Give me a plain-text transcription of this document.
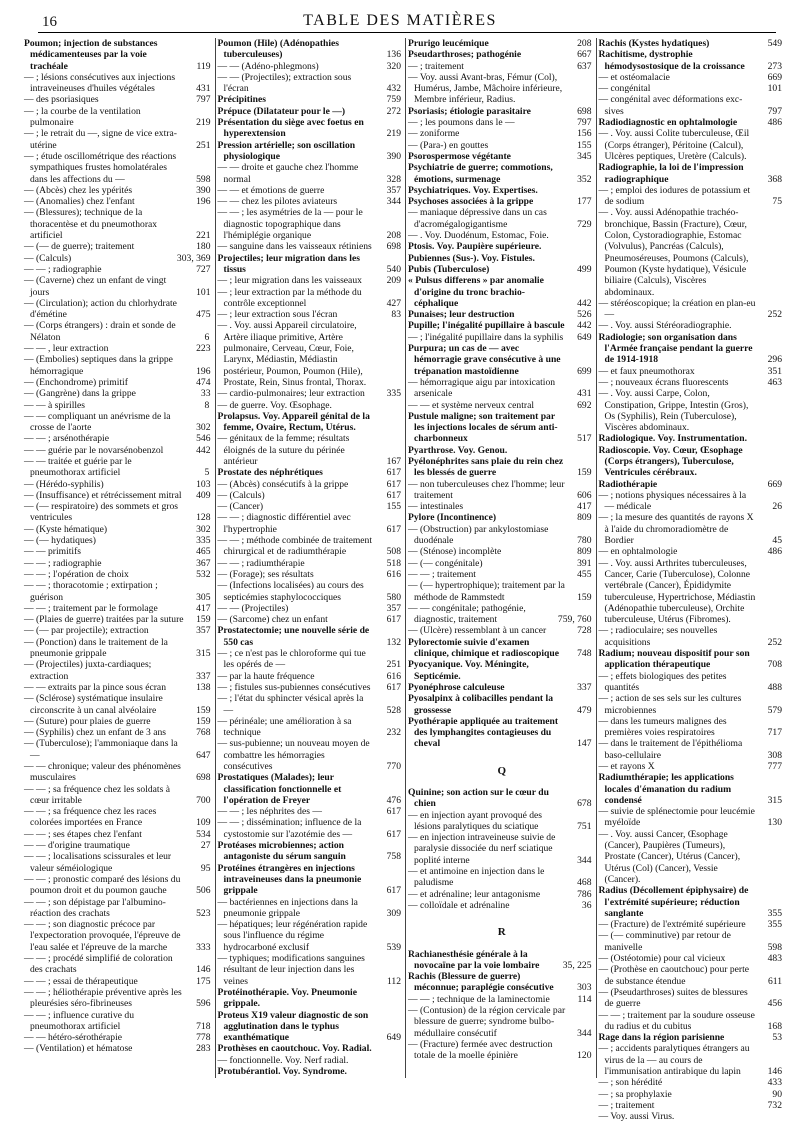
16	TABLE DES MATIÈRES
Poumon; injection de substances médicamenteuses par la voie trachéale	119
— ; lésions consécutives aux injections intraveineuses d'huiles végétales	431
— des psoriasiques	797
— ; la courbe de la ventilation pulmonaire	219
— ; le retrait du —, signe de vice extra-utérine	251
— ; étude oscillométrique des réactions sympathiques frustes homolatérales dans les affections du —	598
— (Abcès) chez les ypérités	390
— (Anomalies) chez l'enfant	196
— (Blessures); technique de la thoracentèse et du pneumothorax artificiel	221
— (— de guerre); traitement	180
— (Calculs)	303, 369
— — ; radiographie	727
— (Caverne) chez un enfant de vingt jours	101
— (Circulation); action du chlorhydrate d'émétine	475
— (Corps étrangers) : drain et sonde de Nélaton	6
— — , leur extraction	223
— (Embolies) septiques dans la grippe hémorragique	196
— (Enchondrome) primitif	474
— (Gangrène) dans la grippe	33
— — à spirilles	8
— — compliquant un anévrisme de la crosse de l'aorte	302
— — ; arsénothérapie	546
— — guérie par le novarsénobenzol	442
— — traitée et guérie par le pneumothorax artificiel	5
— (Hérédo-syphilis)	103
— (Insuffisance) et rétrécissement mitral 409
— (— respiratoire) des sommets et gros ventricules	128
— (Kyste hématique)	302
— (— hydatiques)	335
— — primitifs	465
— — ; radiographie	367
— — ; l'opération de choix	532
— — ; thoracotomie ; extirpation ; guérison	305
— — ; traitement par le formolage	417
— (Plaies de guerre) traitées par la suture 159
— (— par projectile); extraction	357
— (Ponction) dans le traitement de la pneumonie grippale	315
— (Projectiles) juxta-cardiaques; extraction	337
— — extraits par la pince sous écran	138
— (Sclérose) systématique insulaire circonscrite à un canal alvéolaire	159
— (Suture) pour plaies de guerre	159
— (Syphilis) chez un enfant de 3 ans	768
— (Tuberculose); l'ammoniaque dans la —	647
— — chronique; valeur des phénomènes musculaires	698
— — ; sa fréquence chez les soldats à cœur irritable	700
— — ; sa fréquence chez les races colorées importées en France	109
— — ; ses étapes chez l'enfant	534
— — d'origine traumatique	27
— — ; localisations scissurales et leur valeur séméiologique	95
— — ; pronostic comparé des lésions du poumon droit et du poumon gauche	506
— — ; son dépistage par l'albumino-réaction des crachats	523
— — ; son diagnostic précoce par l'expectoration provoquée, l'épreuve de l'eau salée et l'épreuve de la marche	333
— — ; procédé simplifié de coloration des crachats	146
— — ; essai de thérapeutique	175
— — ; héliothérapie préventive après les pleurésies séro-fibrineuses	596
— — ; influence curative du pneumothorax artificiel	718
— — hétéro-sérothérapie	778
— (Ventilation) et hématose	283
Poumon (Hile) (Adénopathies tuberculeuses)	136
— — (Adéno-phlegmons)	320
— — (Projectiles); extraction sous l'écran	432
Précipitines	759
Prépuce (Dilatateur pour le —)	272
Présentation du siège avec foetus en hyperextension	219
Pression artérielle; son oscillation physiologique	390
— — droite et gauche chez l'homme normal	328
— — et émotions de guerre	357
— — chez les pilotes aviateurs	344
— — ; les asymétries de la — pour le diagnostic topographique dans l'hémiplégie organique	208
— sanguine dans les vaisseaux rétiniens 698
Projectiles; leur migration dans les tissus	540
— ; leur migration dans les vaisseaux	209
— ; leur extraction par la méthode du contrôle exceptionnel	427
— ; leur extraction sous l'écran	83
— . Voy. aussi Appareil circulatoire, Artère iliaque primitive, Artère pulmonaire, Cerveau, Cœur, Foie, Larynx, Médiastin, Médiastin postérieur, Poumon, Poumon (Hile), Prostate, Rein, Sinus frontal, Thorax.
— cardio-pulmonaires; leur extraction 335
— de guerre. Voy. Œsophage.
Prolapsus. Voy. Appareil génital de la femme, Ovaire, Rectum, Utérus.
— génitaux de la femme; résultats éloignés de la suture du périnée antérieur	167
Prostate des néphrétiques	617
— (Abcès) consécutifs à la grippe	617
— (Calculs)	617
— (Cancer)	155
— — ; diagnostic différentiel avec l'hypertrophie	617
— — ; méthode combinée de traitement chirurgical et de radiumthérapie	508
— — ; radiumthérapie	518
— (Forage); ses résultats	616
— (Infections localisées) au cours des septicémies staphylococciques	580
— — (Projectiles)	357
— (Sarcome) chez un enfant	617
Prostatectomie; une nouvelle série de 550 cas	132
— ; ce n'est pas le chloroforme qui tue les opérés de —	251
— par la haute fréquence	616
— ; fistules sus-pubiennes consécutives 617
— ; l'état du sphincter vésical après la —	528
— périnéale; une amélioration à sa technique	232
— sus-pubienne; un nouveau moyen de combattre les hémorragies consécutives	770
Prostatiques (Malades); leur classification fonctionnelle et l'opération de Freyer	476
— — ; les néphrites des —	617
— — ; dissémination; influence de la cystostomie sur l'azotémie des —	617
Protéases microbiennes; action antagoniste du sérum sanguin	758
Protéines étrangères en injections intraveineuses dans la pneumonie grippale	617
— bactériennes en injections dans la pneumonie grippale	309
— hépatiques; leur régénération rapide sous l'influence du régime hydrocarboné exclusif	539
— typhiques; modifications sanguines résultant de leur injection dans les veines	112
Protéinothérapie. Voy. Pneumonie grippale.
Proteus X19 valeur diagnostic de son agglutination dans le typhus exanthématique	649
Prothèses en caoutchouc. Voy. Radial.
— fonctionnelle. Voy. Nerf radial.
Protubérantiol. Voy. Syndrome.
Prurigo leucémique	208
Pseudarthroses; pathogénie	667
— ; traitement	637
— Voy. aussi Avant-bras, Fémur (Col), Humérus, Jambe, Mâchoire inférieure, Membre inférieur, Radius.
Psoriasis; étiologie parasitaire	698
— ; les poumons dans le —	797
— zoniforme	156
— (Para-) en gouttes	155
Psorospermose végétante	345
Psychiatrie de guerre; commotions, émotions, surmenage	352
Psychiatriques. Voy. Expertises.
Psychoses associées à la grippe	177
— maniaque dépressive dans un cas d'acromégalogigantisme	729
— . Voy. Duodénum, Estomac, Foie.
Ptosis. Voy. Paupière supérieure.
Pubiennes (Sus-). Voy. Fistules.
Pubis (Tuberculose)	499
« Pulsus differens » par anomalie d'origine du tronc brachio-céphalique	442
Punaises; leur destruction	526
Pupille; l'inégalité pupillaire à bascule 442
— ; l'inégalité pupillaire dans la syphilis 649
Purpura; un cas de — avec hémorragie grave consécutive à une trépanation mastoïdienne	699
— hémorragique aigu par intoxication arsenicale	431
— — et système nerveux central	692
Pustule maligne; son traitement par les injections locales de sérum anti-charbonneux	517
Pyarthrose. Voy. Genou.
Pyélonéphrites sans plaie du rein chez les blessés de guerre	159
— non tuberculeuses chez l'homme; leur traitement	606
— intestinales	417
Pylore (Incontinence)	809
— (Obstruction) par ankylostomiase duodénale	780
— (Sténose) incomplète	809
— (— congénitale)	391
— — ; traitement	455
— (— hypertrophique); traitement par la méthode de Rammstedt	159
— — congénitale; pathogénie, diagnostic, traitement	759, 760
— (Ulcère) ressemblant à un cancer	728
Pylorectomie suivie d'examen clinique, chimique et radioscopique 748
Pyocyanique. Voy. Méningite, Septicémie.
Pyonéphrose calculeuse	337
Pyosalpinx à colibacilles pendant la grossesse	479
Pyothérapie appliquée au traitement des lymphangites contagieuses du cheval	147
Q
Quinine; son action sur le cœur du chien	678
— en injection ayant provoqué des lésions paralytiques du sciatique	751
— en injection intraveineuse suivie de paralysie dissociée du nerf sciatique poplité interne	344
— et antimoine en injection dans le paludisme	468
— et adrénaline; leur antagonisme	786
— colloïdale et adrénaline	36
R
Rachianesthésie générale à la novocaïne par la voie lombaire 35, 225
Rachis (Blessure de guerre) méconnue; paraplégie consécutive 303
— — ; technique de la laminectomie	114
— (Contusion) de la région cervicale par blessure de guerre; syndrome bulbo-médullaire consécutif	344
— (Fracture) fermée avec destruction totale de la moelle épinière	120
Rachis (Kystes hydatiques)	549
Rachitisme, dystrophie hémodysostosique de la croissance 273
— et ostéomalacie	669
— congénital	101
— congénital avec déformations exc-sives	797
Radiodiagnostic en ophtalmologie	486
— . Voy. aussi Colite tuberculeuse, Œil (Corps étranger), Péritoine (Calcul), Ulcères peptiques, Uretère (Calculs).
Radiographie, la loi de l'impression radiographique	368
— ; emploi des iodures de potassium et de sodium	75
— . Voy. aussi Adénopathie trachéo-bronchique, Bassin (Fracture), Cœur, Colon, Cystoradiographie, Estomac (Volvulus), Pancréas (Calculs), Pneumoséreuses, Poumons (Calculs), Poumon (Kyste hydatique), Vésicule biliaire (Calculs), Viscères abdominaux.
— stéréoscopique; la création en plan-eu —	252
— . Voy. aussi Stéréoradiographie.
Radiologie; son organisation dans l'Armée française pendant la guerre de 1914-1918	296
— et faux pneumothorax	351
— ; nouveaux écrans fluorescents	463
— . Voy. aussi Carpe, Colon, Constipation, Grippe, Intestin (Gros), Os (Syphilis), Rein (Tuberculose), Viscères abdominaux.
Radiologique. Voy. Instrumentation.
Radioscopie. Voy. Cœur, Œsophage (Corps étrangers), Tuberculose, Ventricules cérébraux.
Radiothérapie	669
— ; notions physiques nécessaires à la — médicale	26
— ; la mesure des quantités de rayons X à l'aide du chromoradiomètre de Bordier	45
— en ophtalmologie	486
— . Voy. aussi Arthrites tuberculeuses, Cancer, Carie (Tuberculose), Colonne vertébrale (Cancer), Épididymite tuberculeuse, Hypertrichose, Médiastin (Adénopathie tuberculeuse), Orchite tuberculeuse, Utérus (Fibromes).
— ; radioculaire; ses nouvelles acquisitions	252
Radium; nouveau dispositif pour son application thérapeutique	708
— ; effets biologiques des petites quantités	488
— ; action de ses sels sur les cultures microbiennes	579
— dans les tumeurs malignes des premières voies respiratoires	717
— dans le traitement de l'épithélioma baso-cellulaire	308
— et rayons X	777
Radiumthérapie; les applications locales d'émanation du radium condensé	315
— suivie de splénectomie pour leucémie myéloïde	130
— . Voy. aussi Cancer, Œsophage (Cancer), Paupières (Tumeurs), Prostate (Cancer), Utérus (Cancer), Utérus (Col) (Cancer), Vessie (Cancer).
Radius (Décollement épiphysaire) de l'extrémité supérieure; réduction sanglante	355
— (Fracture) de l'extrémité supérieure 355
— (— comminutive) par retour de manivelle	598
— (Ostéotomie) pour cal vicieux	483
— (Prothèse en caoutchouc) pour perte de substance étendue	611
— (Pseudarthroses) suites de blessures de guerre	456
— — ; traitement par la soudure osseuse du radius et du cubitus	168
Rage dans la région parisienne	53
— ; accidents paralytiques étrangers au virus de la — au cours de l'immunisation antirabique du lapin	146
— ; son hérédité	433
— ; sa prophylaxie	90
— ; traitement	732
— Voy. aussi Virus.
